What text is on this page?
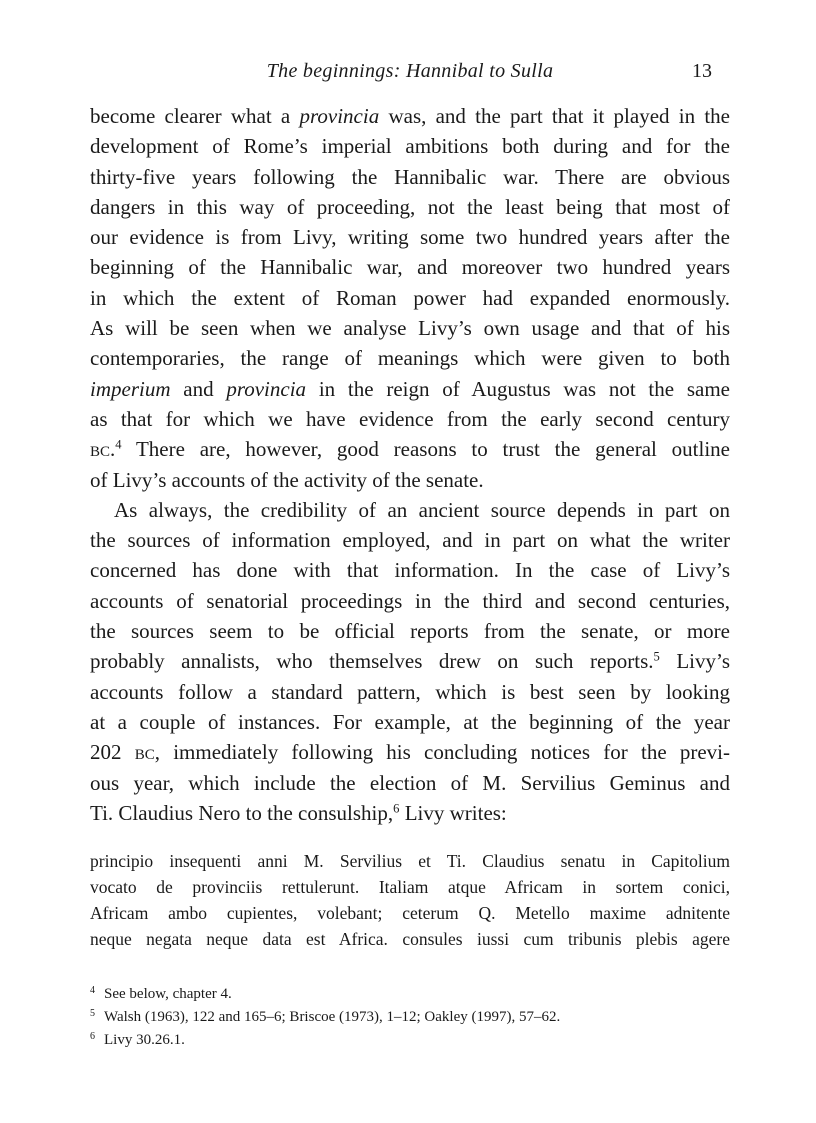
The beginnings: Hannibal to Sulla	13
become clearer what a provincia was, and the part that it played in the
development of Rome’s imperial ambitions both during and for the
thirty-five years following the Hannibalic war. There are obvious
dangers in this way of proceeding, not the least being that most of
our evidence is from Livy, writing some two hundred years after the
beginning of the Hannibalic war, and moreover two hundred years
in which the extent of Roman power had expanded enormously.
As will be seen when we analyse Livy’s own usage and that of his
contemporaries, the range of meanings which were given to both
imperium and provincia in the reign of Augustus was not the same
as that for which we have evidence from the early second century
bc.$^4$ There are, however, good reasons to trust the general outline
of Livy’s accounts of the activity of the senate.
As always, the credibility of an ancient source depends in part on
the sources of information employed, and in part on what the writer
concerned has done with that information. In the case of Livy’s
accounts of senatorial proceedings in the third and second centuries,
the sources seem to be official reports from the senate, or more
probably annalists, who themselves drew on such reports.$^5$ Livy’s
accounts follow a standard pattern, which is best seen by looking
at a couple of instances. For example, at the beginning of the year
202 bc, immediately following his concluding notices for the previ-
ous year, which include the election of M. Servilius Geminus and
Ti. Claudius Nero to the consulship,$^6$ Livy writes:
principio insequenti anni M. Servilius et Ti. Claudius senatu in Capitolium
vocato de provinciis rettulerunt. Italiam atque Africam in sortem conici,
Africam ambo cupientes, volebant; ceterum Q. Metello maxime adnitente
neque negata neque data est Africa. consules iussi cum tribunis plebis agere
4 See below, chapter 4.
5 Walsh (1963), 122 and 165–6; Briscoe (1973), 1–12; Oakley (1997), 57–62.
6 Livy 30.26.1.
